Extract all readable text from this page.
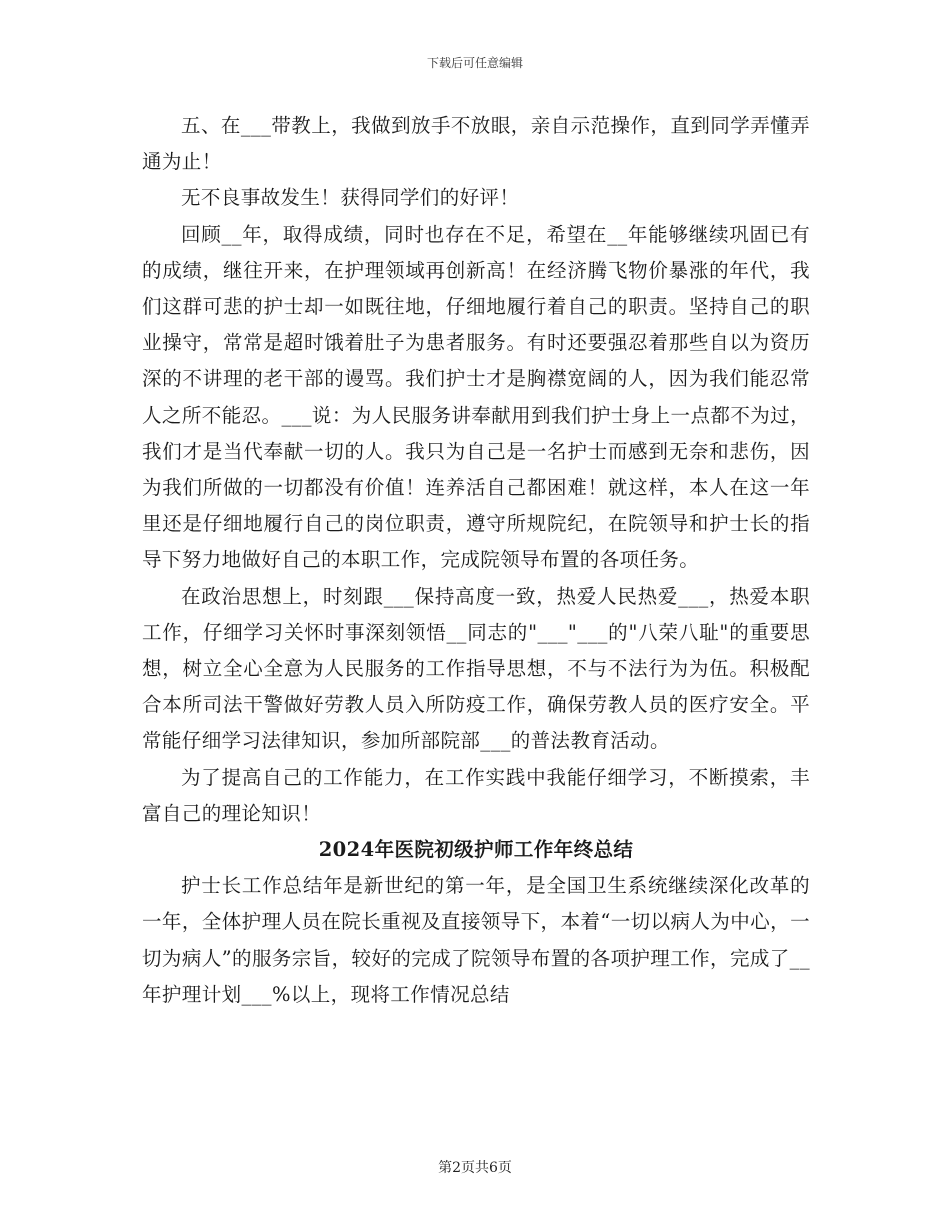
下载后可任意编辑

五、在___带教上，我做到放手不放眼，亲自示范操作，直到同学弄懂弄通为止！

无不良事故发生！获得同学们的好评！

回顾__年，取得成绩，同时也存在不足，希望在__年能够继续巩固已有的成绩，继往开来，在护理领域再创新高！在经济腾飞物价暴涨的年代，我们这群可悲的护士却一如既往地，仔细地履行着自己的职责。坚持自己的职业操守，常常是超时饿着肚子为患者服务。有时还要强忍着那些自以为资历深的不讲理的老干部的谩骂。我们护士才是胸襟宽阔的人，因为我们能忍常人之所不能忍。___说：为人民服务讲奉献用到我们护士身上一点都不为过，我们才是当代奉献一切的人。我只为自己是一名护士而感到无奈和悲伤，因为我们所做的一切都没有价值！连养活自己都困难！就这样，本人在这一年里还是仔细地履行自己的岗位职责，遵守所规院纪，在院领导和护士长的指导下努力地做好自己的本职工作，完成院领导布置的各项任务。

在政治思想上，时刻跟___保持高度一致，热爱人民热爱___，热爱本职工作，仔细学习关怀时事深刻领悟__同志的"___"___的"八荣八耻"的重要思想，树立全心全意为人民服务的工作指导思想，不与不法行为为伍。积极配合本所司法干警做好劳教人员入所防疫工作，确保劳教人员的医疗安全。平常能仔细学习法律知识，参加所部院部___的普法教育活动。

为了提高自己的工作能力，在工作实践中我能仔细学习，不断摸索，丰富自己的理论知识！

2024年医院初级护师工作年终总结

护士长工作总结年是新世纪的第一年，是全国卫生系统继续深化改革的一年，全体护理人员在院长重视及直接领导下，本着“一切以病人为中心，一切为病人”的服务宗旨，较好的完成了院领导布置的各项护理工作，完成了__年护理计划___%以上，现将工作情况总结

第2页共6页
